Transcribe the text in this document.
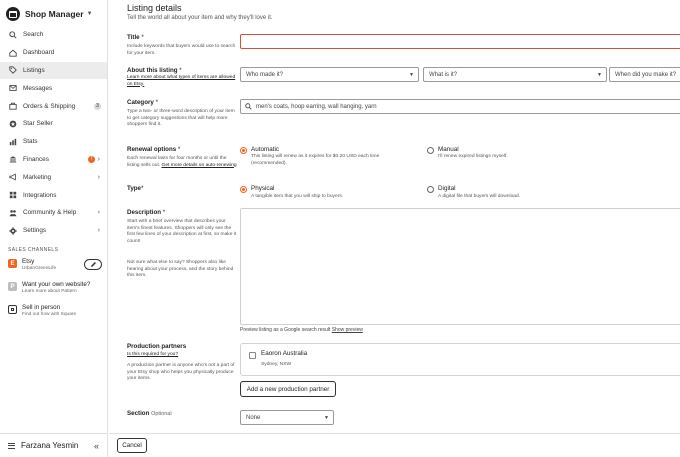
Shop Manager ▼
Search
Dashboard
Listings
Messages
Orders & Shipping	3
Star Seller
Stats
Finances	! ›
Marketing	›
Integrations
Community & Help	›
Settings	›
SALES CHANNELS
E	Etsy
UrbanGreenLife
P	Want your own website?
Learn more about Pattern
Sell in person
Find out how with Square
Farzana Yesmin «
Listing details
Tell the world all about your item and why they'll love it.
Title *
Include keywords that buyers would use to search for your item.
About this listing *
Learn more about what types of items are allowed on Etsy.
Who made it?	▼	What is it?	▼ When did you make it?
Category *
Type a two- or three-word description of your item to get category suggestions that will help more shoppers find it.
men's coats, hoop earring, wall hanging, yarn
Renewal options *
Each renewal lasts for four months or until the listing sells out. Get more details on auto-renewing
Automatic
This listing will renew as it expires for $0.20 USD each time (recommended).
Manual
I'll renew expired listings myself.
Type*	Physical
A tangible item that you will ship to buyers.
Digital
A digital file that buyers will download.
Description *
Start with a brief overview that describes your item's finest features. Shoppers will only see the first few lines of your description at first, so make it count!
Not sure what else to say? Shoppers also like hearing about your process, and the story behind this item.
Preview listing as a Google search result Show preview
Production partners
Is this required for you?
A production partner is anyone who's not a part of your Etsy shop who helps you physically produce your items.
Eaoron Australia
Sydney, NSW
Add a new production partner
Section Optional
None	▼
Cancel
